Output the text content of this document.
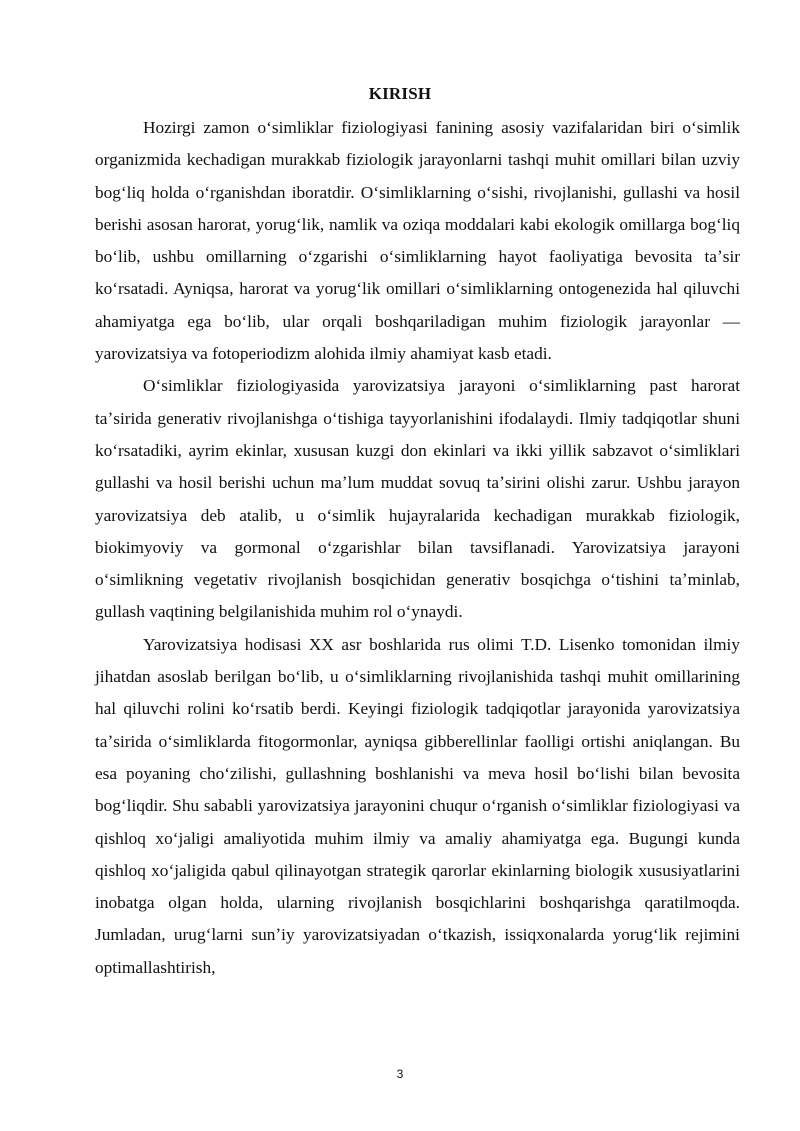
KIRISH

Hozirgi zamon oʻsimliklar fiziologiyasi fanining asosiy vazifalaridan biri oʻsimlik organizmida kechadigan murakkab fiziologik jarayonlarni tashqi muhit omillari bilan uzviy bogʻliq holda oʻrganishdan iboratdir. Oʻsimliklarning oʻsishi, rivojlanishi, gullashi va hosil berishi asosan harorat, yorugʻlik, namlik va oziqa moddalari kabi ekologik omillarga bogʻliq boʻlib, ushbu omillarning oʻzgarishi oʻsimliklarning hayot faoliyatiga bevosita taʼsir koʻrsatadi. Ayniqsa, harorat va yorugʻlik omillari oʻsimliklarning ontogenezida hal qiluvchi ahamiyatga ega boʻlib, ular orqali boshqariladigan muhim fiziologik jarayonlar — yarovizatsiya va fotoperiodizm alohida ilmiy ahamiyat kasb etadi.

Oʻsimliklar fiziologiyasida yarovizatsiya jarayoni oʻsimliklarning past harorat taʼsirida generativ rivojlanishga oʻtishiga tayyorlanishini ifodalaydi. Ilmiy tadqiqotlar shuni koʻrsatadiki, ayrim ekinlar, xususan kuzgi don ekinlari va ikki yillik sabzavot oʻsimliklari gullashi va hosil berishi uchun maʼlum muddat sovuq taʼsirini olishi zarur. Ushbu jarayon yarovizatsiya deb atalib, u oʻsimlik hujayralarida kechadigan murakkab fiziologik, biokimyoviy va gormonal oʻzgarishlar bilan tavsiflanadi. Yarovizatsiya jarayoni oʻsimlikning vegetativ rivojlanish bosqichidan generativ bosqichga oʻtishini taʼminlab, gullash vaqtining belgilanishida muhim rol oʻynaydi.

Yarovizatsiya hodisasi XX asr boshlarida rus olimi T.D. Lisenko tomonidan ilmiy jihatdan asoslab berilgan boʻlib, u oʻsimliklarning rivojlanishida tashqi muhit omillarining hal qiluvchi rolini koʻrsatib berdi. Keyingi fiziologik tadqiqotlar jarayonida yarovizatsiya taʼsirida oʻsimliklarda fitogormonlar, ayniqsa gibberellinlar faolligi ortishi aniqlangan. Bu esa poyaning choʻzilishi, gullashning boshlanishi va meva hosil boʻlishi bilan bevosita bogʻliqdir. Shu sababli yarovizatsiya jarayonini chuqur oʻrganish oʻsimliklar fiziologiyasi va qishloq xoʻjaligi amaliyotida muhim ilmiy va amaliy ahamiyatga ega. Bugungi kunda qishloq xoʻjaligida qabul qilinayotgan strategik qarorlar ekinlarning biologik xususiyatlarini inobatga olgan holda, ularning rivojlanish bosqichlarini boshqarishga qaratilmoqda. Jumladan, urugʻlarni sunʼiy yarovizatsiyadan oʻtkazish, issiqxonalarda yorugʻlik rejimini optimallashtirish,

3
